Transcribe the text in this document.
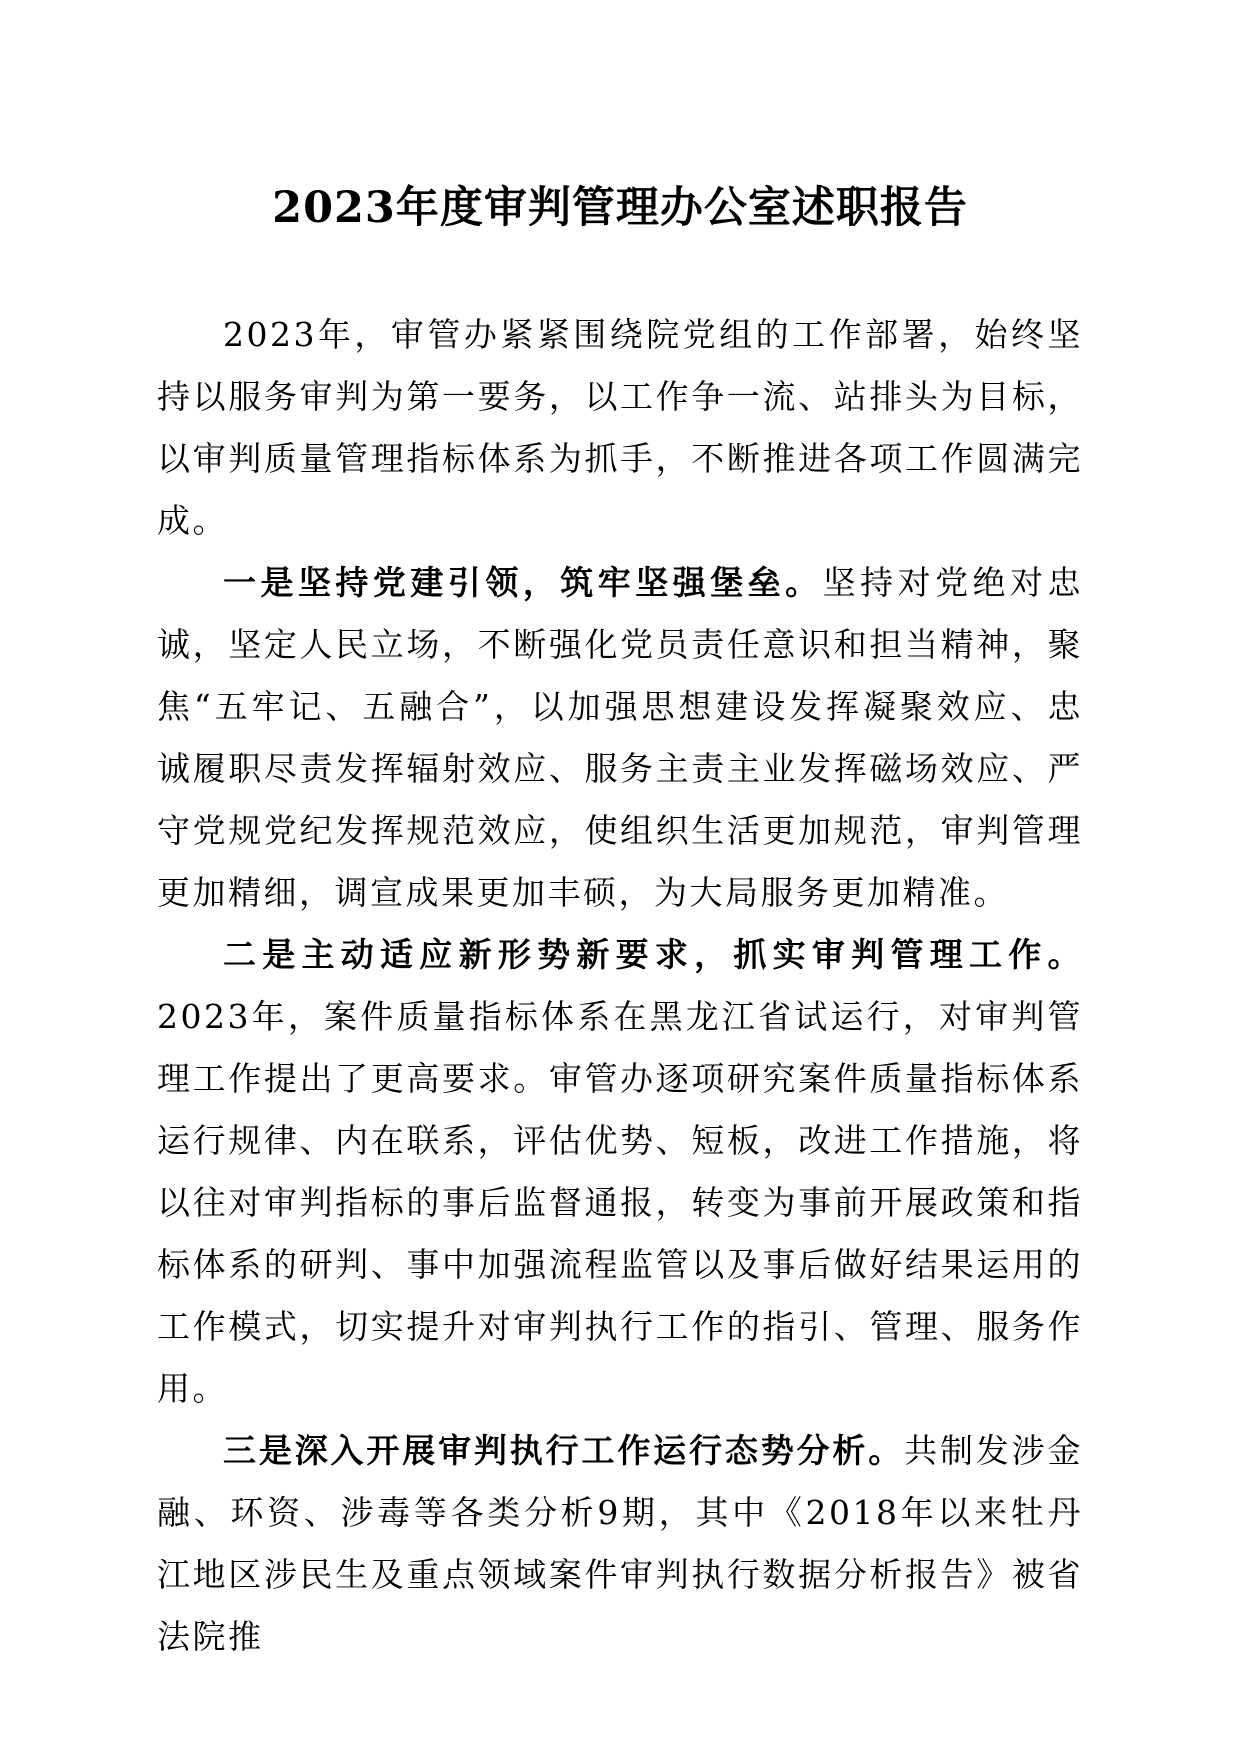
2023年度审判管理办公室述职报告

2023年，审管办紧紧围绕院党组的工作部署，始终坚持以服务审判为第一要务，以工作争一流、站排头为目标，以审判质量管理指标体系为抓手，不断推进各项工作圆满完成。

一是坚持党建引领，筑牢坚强堡垒。坚持对党绝对忠诚，坚定人民立场，不断强化党员责任意识和担当精神，聚焦“五牢记、五融合”，以加强思想建设发挥凝聚效应、忠诚履职尽责发挥辐射效应、服务主责主业发挥磁场效应、严守党规党纪发挥规范效应，使组织生活更加规范，审判管理更加精细，调宣成果更加丰硕，为大局服务更加精准。

二是主动适应新形势新要求，抓实审判管理工作。2023年，案件质量指标体系在黑龙江省试运行，对审判管理工作提出了更高要求。审管办逐项研究案件质量指标体系运行规律、内在联系，评估优势、短板，改进工作措施，将以往对审判指标的事后监督通报，转变为事前开展政策和指标体系的研判、事中加强流程监管以及事后做好结果运用的工作模式，切实提升对审判执行工作的指引、管理、服务作用。

三是深入开展审判执行工作运行态势分析。共制发涉金融、环资、涉毒等各类分析9期，其中《2018年以来牡丹江地区涉民生及重点领域案件审判执行数据分析报告》被省法院推
